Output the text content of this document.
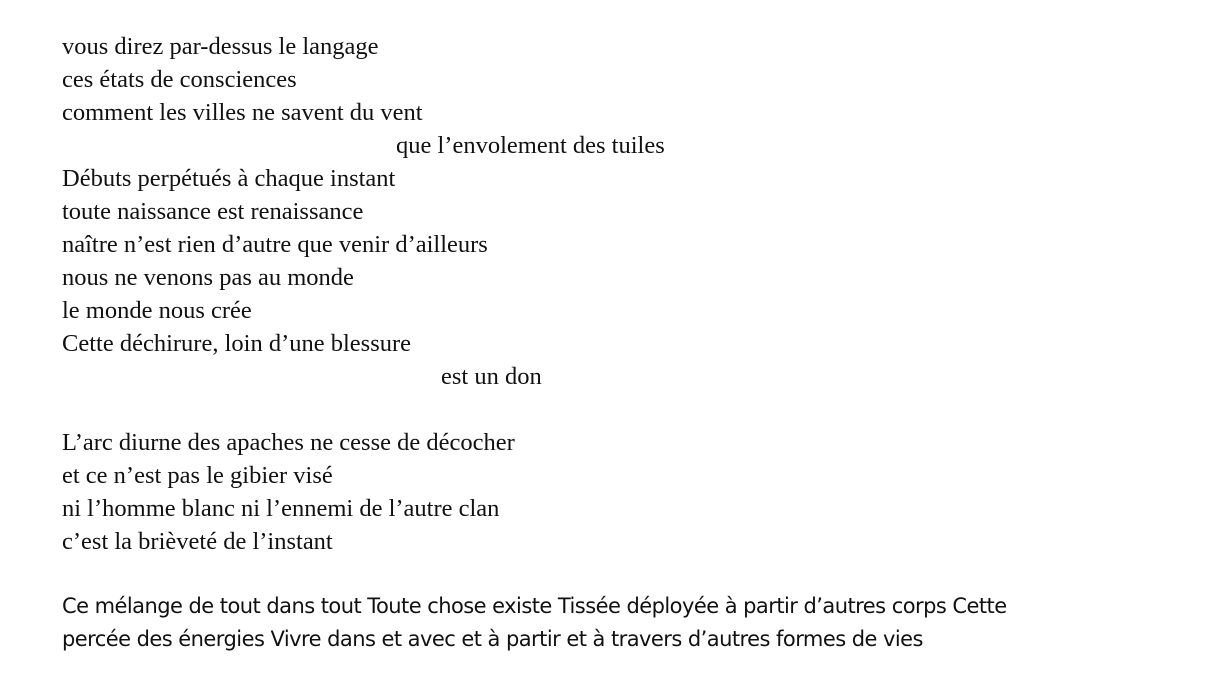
vous direz par-dessus le langage
ces états de consciences
comment les villes ne savent du vent
que l’envolement des tuiles
Débuts perpétués à chaque instant
toute naissance est renaissance
naître n’est rien d’autre que venir d’ailleurs
nous ne venons pas au monde
le monde nous crée
Cette déchirure, loin d’une blessure
est un don
L’arc diurne des apaches ne cesse de décocher
et ce n’est pas le gibier visé
ni l’homme blanc ni l’ennemi de l’autre clan
c’est la brièveté de l’instant
Ce mélange de tout dans tout Toute chose existe Tissée déployée à partir d’autres corps Cette
percée des énergies Vivre dans et avec et à partir et à travers d’autres formes de vies
